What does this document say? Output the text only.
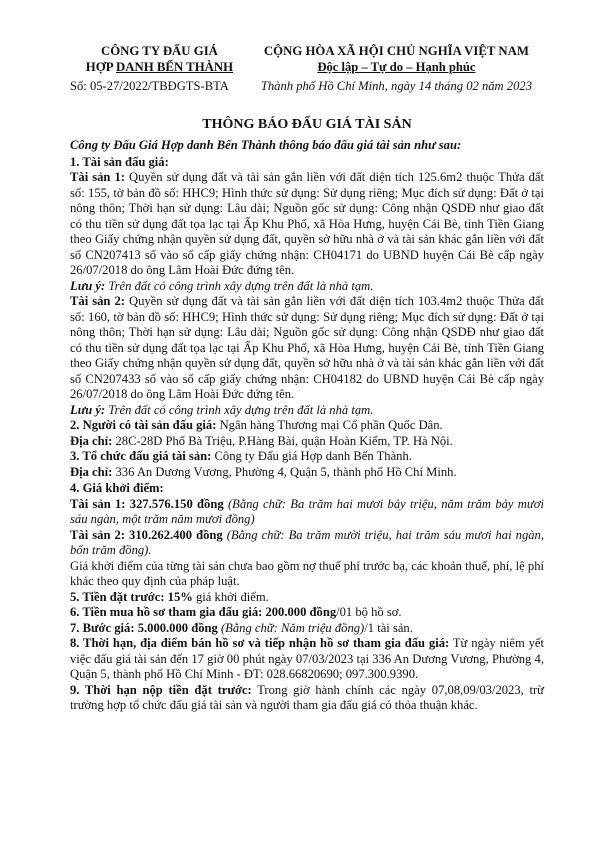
CÔNG TY ĐẤU GIÁ
HỢP DANH BẾN THÀNH
Số: 05-27/2022/TBĐGTS-BTA
CỘNG HÒA XÃ HỘI CHỦ NGHĨA VIỆT NAM
Độc lập – Tự do – Hạnh phúc
Thành phố Hồ Chí Minh, ngày 14 tháng 02 năm 2023
THÔNG BÁO ĐẤU GIÁ TÀI SẢN
Công ty Đấu Giá Hợp danh Bến Thành thông báo đấu giá tài sản như sau:
1. Tài sản đấu giá:

Tài sản 1: Quyền sử dụng đất và tài sản gắn liền với đất diện tích 125.6m2 thuộc Thửa đất số: 155, tờ bản đồ số: HHC9; Hình thức sử dụng: Sử dụng riêng; Mục đích sử dụng: Đất ở tại nông thôn; Thời hạn sử dụng: Lâu dài; Nguồn gốc sử dụng: Công nhận QSDĐ như giao đất có thu tiền sử dụng đất tọa lạc tại Ấp Khu Phố, xã Hòa Hưng, huyện Cái Bè, tỉnh Tiền Giang theo Giấy chứng nhận quyền sử dụng đất, quyền sở hữu nhà ở và tài sản khác gắn liền với đất số CN207413 số vào sổ cấp giấy chứng nhận: CH04171 do UBND huyện Cái Bè cấp ngày 26/07/2018 do ông Lâm Hoài Đức đứng tên.

Lưu ý: Trên đất có công trình xây dựng trên đất là nhà tạm.

Tài sản 2: Quyền sử dụng đất và tài sản gắn liền với đất diện tích 103.4m2 thuộc Thửa đất số: 160, tờ bản đồ số: HHC9; Hình thức sử dụng: Sử dụng riêng; Mục đích sử dụng: Đất ở tại nông thôn; Thời hạn sử dụng: Lâu dài; Nguồn gốc sử dụng: Công nhận QSDĐ như giao đất có thu tiền sử dụng đất tọa lạc tại Ấp Khu Phố, xã Hòa Hưng, huyện Cái Bè, tỉnh Tiền Giang theo Giấy chứng nhận quyền sử dụng đất, quyền sở hữu nhà ở và tài sản khác gắn liền với đất số CN207433 số vào sổ cấp giấy chứng nhận: CH04182 do UBND huyện Cái Bè cấp ngày 26/07/2018 do ông Lâm Hoài Đức đứng tên.

Lưu ý: Trên đất có công trình xây dựng trên đất là nhà tạm.

2. Người có tài sản đấu giá: Ngân hàng Thương mại Cổ phần Quốc Dân.

Địa chỉ: 28C-28D Phố Bà Triệu, P.Hàng Bài, quận Hoàn Kiếm, TP. Hà Nội.

3. Tổ chức đấu giá tài sản: Công ty Đấu giá Hợp danh Bến Thành.

Địa chỉ: 336 An Dương Vương, Phường 4, Quận 5, thành phố Hồ Chí Minh.

4. Giá khởi điểm:

Tài sản 1: 327.576.150 đồng (Bằng chữ: Ba trăm hai mươi bảy triệu, năm trăm bảy mươi sáu ngàn, một trăm năm mươi đồng)

Tài sản 2: 310.262.400 đồng (Bằng chữ: Ba trăm mười triệu, hai trăm sáu mươi hai ngàn, bốn trăm đồng).

Giá khởi điểm của từng tài sản chưa bao gồm nợ thuế phí trước bạ, các khoản thuế, phí, lệ phí khác theo quy định của pháp luật.

5. Tiền đặt trước: 15% giá khởi điểm.

6. Tiền mua hồ sơ tham gia đấu giá: 200.000 đồng/01 bộ hồ sơ.

7. Bước giá: 5.000.000 đồng (Bằng chữ: Năm triệu đồng)/1 tài sản.

8. Thời hạn, địa điểm bán hồ sơ và tiếp nhận hồ sơ tham gia đấu giá: Từ ngày niêm yết việc đấu giá tài sản đến 17 giờ 00 phút ngày 07/03/2023 tại 336 An Dương Vương, Phường 4, Quận 5, thành phố Hồ Chí Minh - ĐT: 028.66820690; 097.300.9390.

9. Thời hạn nộp tiền đặt trước: Trong giờ hành chính các ngày 07,08,09/03/2023, trừ trường hợp tổ chức đấu giá tài sản và người tham gia đấu giá có thỏa thuận khác.
